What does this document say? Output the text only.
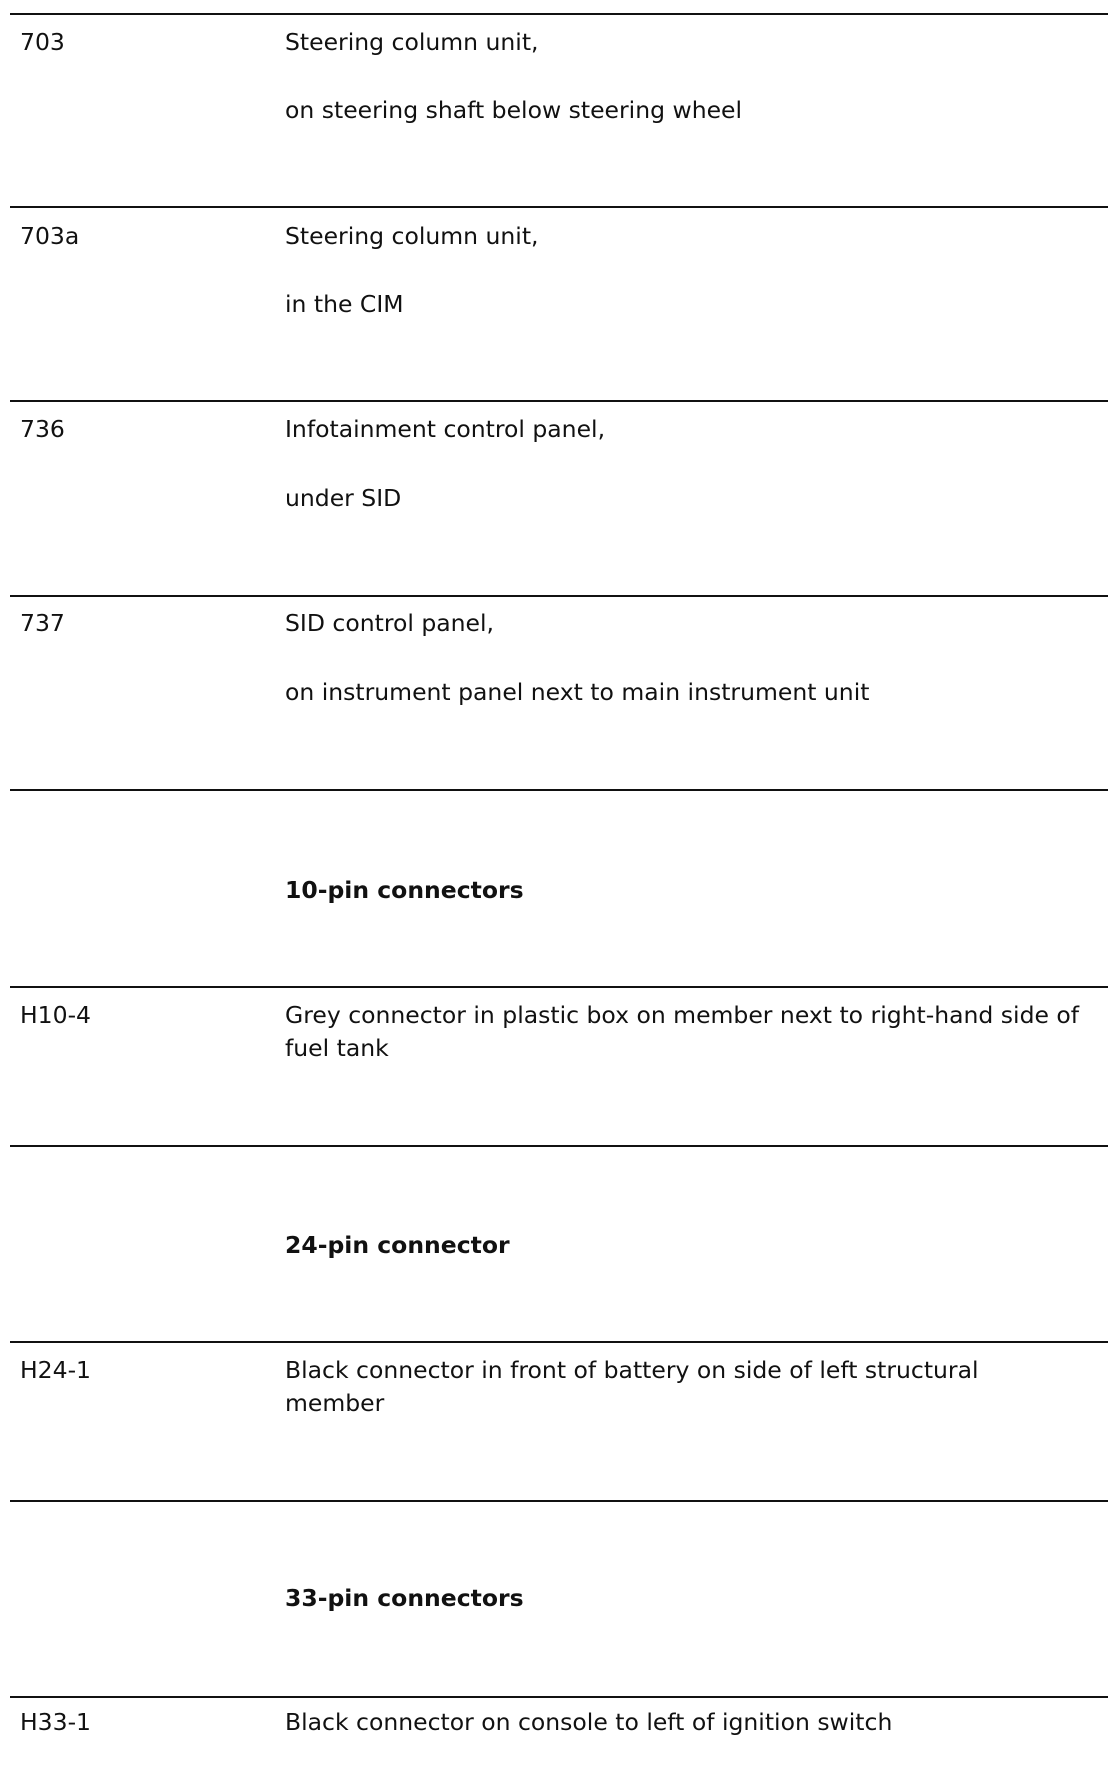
703	Steering column unit,
on steering shaft below steering wheel
703a	Steering column unit,
in the CIM
736	Infotainment control panel,
under SID
737	SID control panel,
on instrument panel next to main instrument unit
10-pin connectors
H10-4	Grey connector in plastic box on member next to right-hand side of fuel tank
24-pin connector
H24-1	Black connector in front of battery on side of left structural member
33-pin connectors
H33-1	Black connector on console to left of ignition switch
